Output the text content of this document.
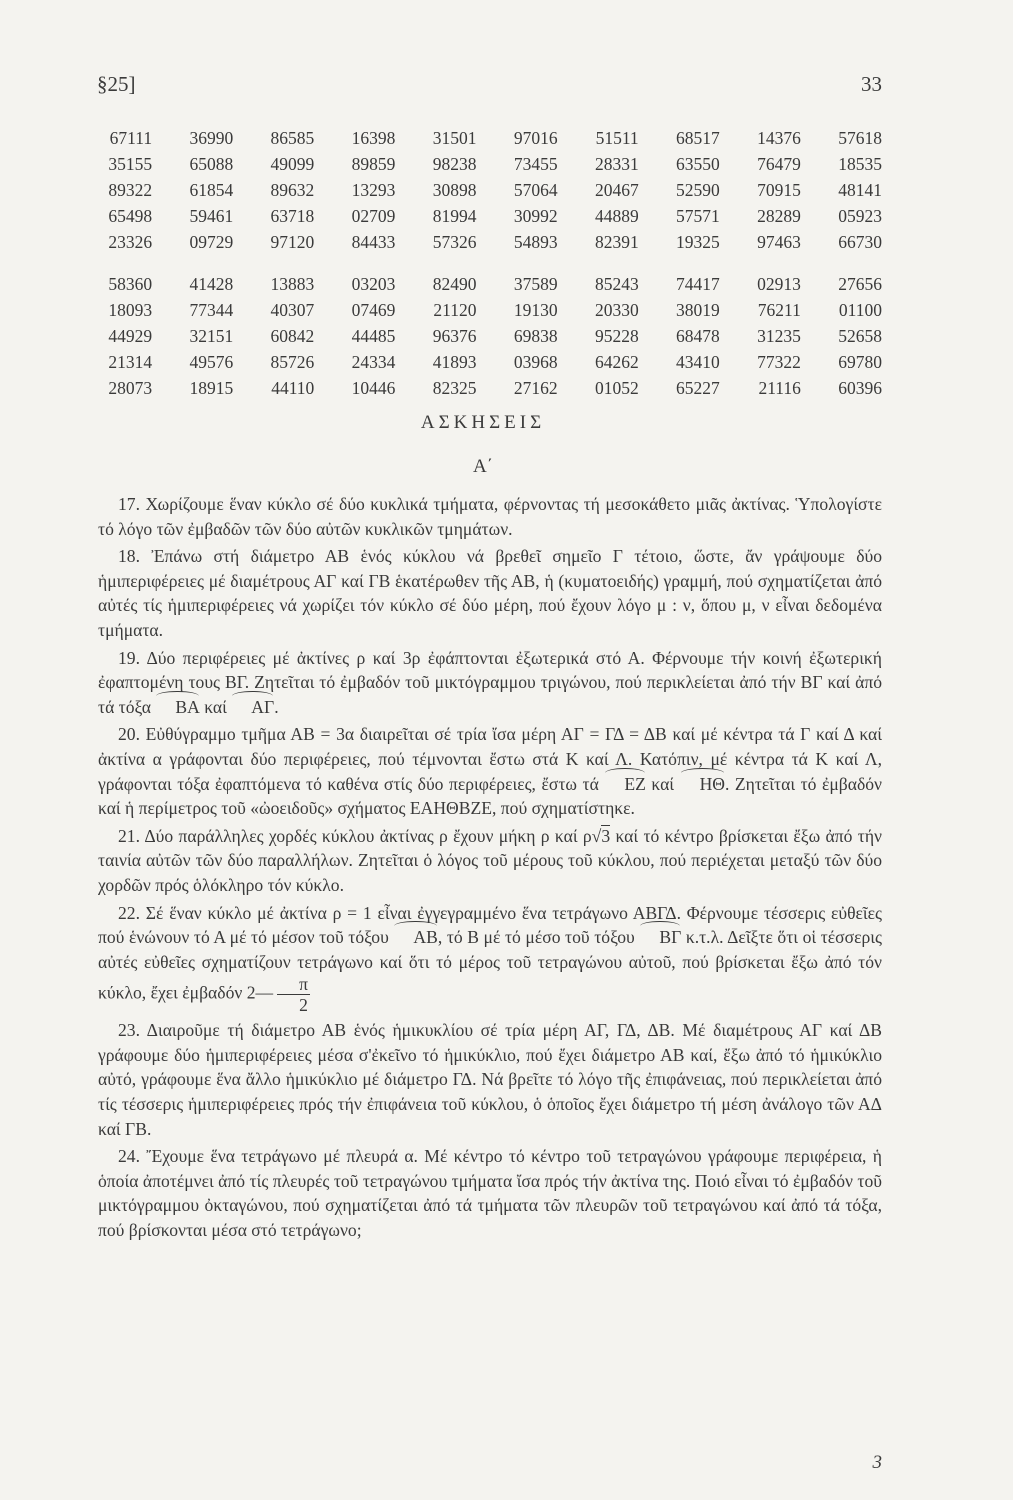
§25]	33
67111	36990	86585	16398	31501	97016	51511	68517	14376	57618
35155	65088	49099	89859	98238	73455	28331	63550	76479	18535
89322	61854	89632	13293	30898	57064	20467	52590	70915	48141
65498	59461	63718	02709	81994	30992	44889	57571	28289	05923
23326	09729	97120	84433	57326	54893	82391	19325	97463	66730
58360	41428	13883	03203	82490	37589	85243	74417	02913	27656
18093	77344	40307	07469	21120	19130	20330	38019	76211	01100
44929	32151	60842	44485	96376	69838	95228	68478	31235	52658
21314	49576	85726	24334	41893	03968	64262	43410	77322	69780
28073	18915	44110	10446	82325	27162	01052	65227	21116	60396
ΑΣΚΗΣΕΙΣ
Α΄

17. Χωρίζουμε ἕναν κύκλο σέ δύο κυκλικά τμήματα, φέρνοντας τή μεσοκάθετο μιᾶς ἀκτίνας. Ὑπολογίστε τό λόγο τῶν ἐμβαδῶν τῶν δύο αὐτῶν κυκλικῶν τμημάτων.

18. Ἐπάνω στή διάμετρο ΑΒ ἑνός κύκλου νά βρεθεῖ σημεῖο Γ τέτοιο, ὥστε, ἄν γράψουμε δύο ἡμιπεριφέρειες μέ διαμέτρους ΑΓ καί ΓΒ ἑκατέρωθεν τῆς ΑΒ, ἡ (κυματοειδής) γραμμή, πού σχηματίζεται ἀπό αὐτές τίς ἡμιπεριφέρειες νά χωρίζει τόν κύκλο σέ δύο μέρη, πού ἔχουν λόγο μ : ν, ὅπου μ, ν εἶναι δεδομένα τμήματα.

19. Δύο περιφέρειες μέ ἀκτίνες ρ καί 3ρ ἐφάπτονται ἐξωτερικά στό Α. Φέρνουμε τήν κοινή ἐξωτερική ἐφαπτομένη τους ΒΓ. Ζητεῖται τό ἐμβαδόν τοῦ μικτόγραμμου τριγώνου, πού περικλείεται ἀπό τήν ΒΓ καί ἀπό τά τόξα ΒΑ καί ΑΓ.

20. Εὐθύγραμμο τμῆμα ΑΒ = 3α διαιρεῖται σέ τρία ἴσα μέρη ΑΓ = ΓΔ = ΔΒ καί μέ κέντρα τά Γ καί Δ καί ἀκτίνα α γράφονται δύο περιφέρειες, πού τέμνονται ἔστω στά Κ καί Λ. Κατόπιν, μέ κέντρα τά Κ καί Λ, γράφονται τόξα ἐφαπτόμενα τό καθένα στίς δύο περιφέρειες, ἔστω τά ΕΖ καί ΗΘ. Ζητεῖται τό ἐμβαδόν καί ἡ περίμετρος τοῦ «ὠοειδοῦς» σχήματος ΕΑΗΘΒΖΕ, πού σχηματίστηκε.

21. Δύο παράλληλες χορδές κύκλου ἀκτίνας ρ ἔχουν μήκη ρ καί ρ√3 καί τό κέντρο βρίσκεται ἔξω ἀπό τήν ταινία αὐτῶν τῶν δύο παραλλήλων. Ζητεῖται ὁ λόγος τοῦ μέρους τοῦ κύκλου, πού περιέχεται μεταξύ τῶν δύο χορδῶν πρός ὁλόκληρο τόν κύκλο.

22. Σέ ἕναν κύκλο μέ ἀκτίνα ρ = 1 εἶναι ἐγγεγραμμένο ἕνα τετράγωνο ΑΒΓΔ. Φέρνουμε τέσσερις εὐθεῖες πού ἑνώνουν τό Α μέ τό μέσον τοῦ τόξου ΑΒ, τό Β μέ τό μέσο τοῦ τόξου ΒΓ κ.τ.λ. Δεῖξτε ὅτι οἱ τέσσερις αὐτές εὐθεῖες σχηματίζουν τετράγωνο καί ὅτι τό μέρος τοῦ τετραγώνου αὐτοῦ, πού βρίσκεται ἔξω ἀπό τόν κύκλο, ἔχει ἐμβαδόν 2— $\frac{\pi}{2}$

23. Διαιροῦμε τή διάμετρο ΑΒ ἑνός ἡμικυκλίου σέ τρία μέρη ΑΓ, ΓΔ, ΔΒ. Μέ διαμέτρους ΑΓ καί ΔΒ γράφουμε δύο ἡμιπεριφέρειες μέσα σ'ἐκεῖνο τό ἡμικύκλιο, πού ἔχει διάμετρο ΑΒ καί, ἔξω ἀπό τό ἡμικύκλιο αὐτό, γράφουμε ἕνα ἄλλο ἡμικύκλιο μέ διάμετρο ΓΔ. Νά βρεῖτε τό λόγο τῆς ἐπιφάνειας, πού περικλείεται ἀπό τίς τέσσερις ἡμιπεριφέρειες πρός τήν ἐπιφάνεια τοῦ κύκλου, ὁ ὁποῖος ἔχει διάμετρο τή μέση ἀνάλογο τῶν ΑΔ καί ΓΒ.

24. Ἔχουμε ἕνα τετράγωνο μέ πλευρά α. Μέ κέντρο τό κέντρο τοῦ τετραγώνου γράφουμε περιφέρεια, ἡ ὁποία ἀποτέμνει ἀπό τίς πλευρές τοῦ τετραγώνου τμήματα ἴσα πρός τήν ἀκτίνα της. Ποιό εἶναι τό ἐμβαδόν τοῦ μικτόγραμμου ὀκταγώνου, πού σχηματίζεται ἀπό τά τμήματα τῶν πλευρῶν τοῦ τετραγώνου καί ἀπό τά τόξα, πού βρίσκονται μέσα στό τετράγωνο;

3
